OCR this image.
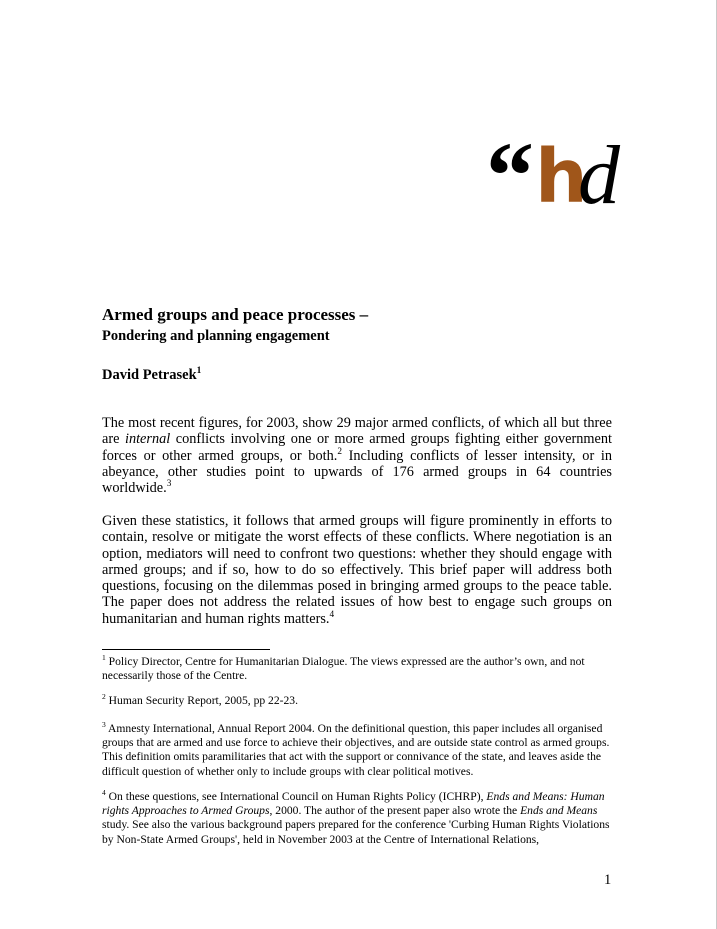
“ h
d
Armed groups and peace processes –
Pondering and planning engagement
David Petrasek$^1$
The most recent figures, for 2003, show 29 major armed conflicts, of which all but three are internal conflicts involving one or more armed groups fighting either government forces or other armed groups, or both.$^2$ Including conflicts of lesser intensity, or in abeyance, other studies point to upwards of 176 armed groups in 64 countries worldwide.$^3$
Given these statistics, it follows that armed groups will figure prominently in efforts to contain, resolve or mitigate the worst effects of these conflicts. Where negotiation is an option, mediators will need to confront two questions: whether they should engage with armed groups; and if so, how to do so effectively. This brief paper will address both questions, focusing on the dilemmas posed in bringing armed groups to the peace table. The paper does not address the related issues of how best to engage such groups on humanitarian and human rights matters.$^4$
$^1$ Policy Director, Centre for Humanitarian Dialogue. The views expressed are the author’s own, and not necessarily those of the Centre.
$^2$ Human Security Report, 2005, pp 22-23.
$^3$ Amnesty International, Annual Report 2004. On the definitional question, this paper includes all organised groups that are armed and use force to achieve their objectives, and are outside state control as armed groups. This definition omits paramilitaries that act with the support or connivance of the state, and leaves aside the difficult question of whether only to include groups with clear political motives.
$^4$ On these questions, see International Council on Human Rights Policy (ICHRP), Ends and Means: Human rights Approaches to Armed Groups, 2000. The author of the present paper also wrote the Ends and Means study. See also the various background papers prepared for the conference 'Curbing Human Rights Violations by Non-State Armed Groups', held in November 2003 at the Centre of International Relations,
1
